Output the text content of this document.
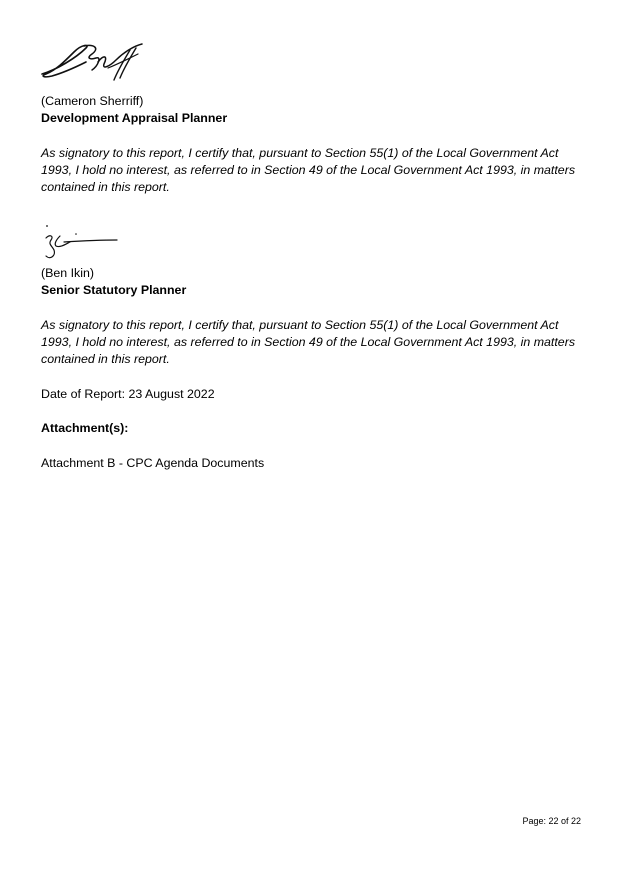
(Cameron Sherriff)

Development Appraisal Planner

As signatory to this report, I certify that, pursuant to Section 55(1) of the Local Government Act 1993, I hold no interest, as referred to in Section 49 of the Local Government Act 1993, in matters contained in this report.

(Ben Ikin)

Senior Statutory Planner

As signatory to this report, I certify that, pursuant to Section 55(1) of the Local Government Act 1993, I hold no interest, as referred to in Section 49 of the Local Government Act 1993, in matters contained in this report.

Date of Report: 23 August 2022

Attachment(s):

Attachment B - CPC Agenda Documents

Page: 22 of 22
